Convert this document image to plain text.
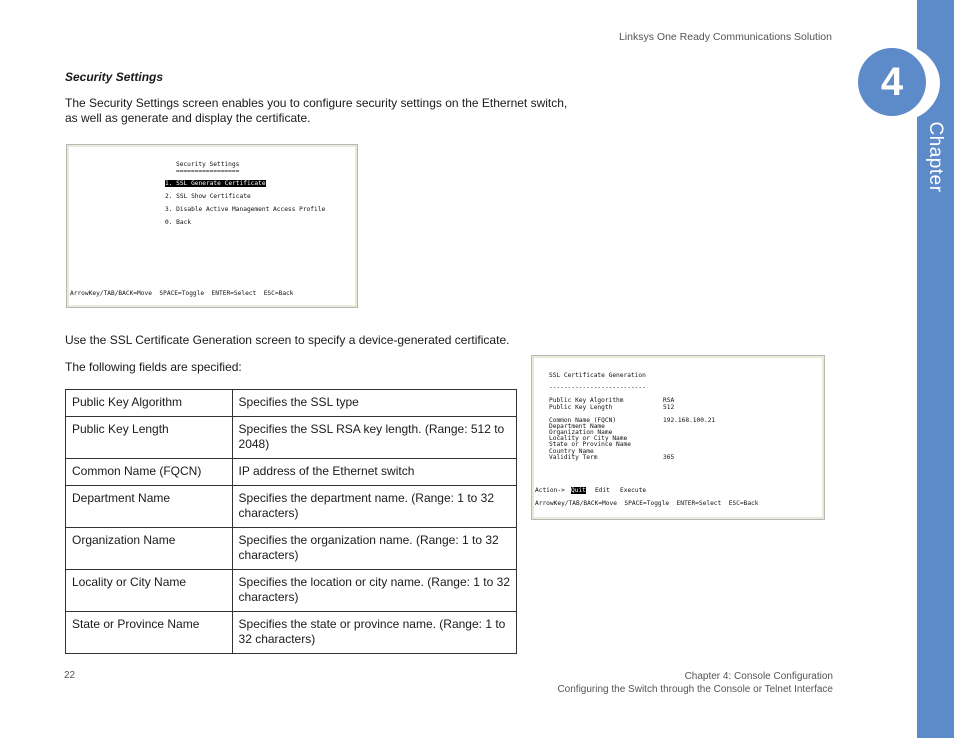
Linksys One Ready Communications Solution
4
Chapter
Security Settings
The Security Settings screen enables you to configure security settings on the Ethernet switch,
as well as generate and display the certificate.
Security Settings
=================
1. SSL Generate Certificate
2. SSL Show Certificate
3. Disable Active Management Access Profile
0. Back
ArrowKey/TAB/BACK=Move  SPACE=Toggle  ENTER=Select  ESC=Back
Use the SSL Certificate Generation screen to specify a device-generated certificate.
The following fields are specified:
SSL Certificate Generation
--------------------------
Public Key Algorithm	RSA
Public Key Length	512
Common Name (FQCN)	192.168.100.21
Department Name
Organization Name
Locality or City Name
State or Province Name
Country Name
Validity Term	365
Action-> Quit Edit Execute
ArrowKey/TAB/BACK=Move  SPACE=Toggle  ENTER=Select  ESC=Back
Public Key Algorithm	Specifies the SSL type

Public Key Length	Specifies the SSL RSA key length. (Range: 512 to
2048)

Common Name (FQCN)	IP address of the Ethernet switch

Department Name	Specifies the department name. (Range: 1 to 32
characters)

Organization Name	Specifies the organization name. (Range: 1 to 32
characters)

Locality or City Name	Specifies the location or city name. (Range: 1 to 32
characters)

State or Province Name	Specifies the state or province name. (Range: 1 to
32 characters)
22	Chapter 4: Console Configuration
Configuring the Switch through the Console or Telnet Interface
